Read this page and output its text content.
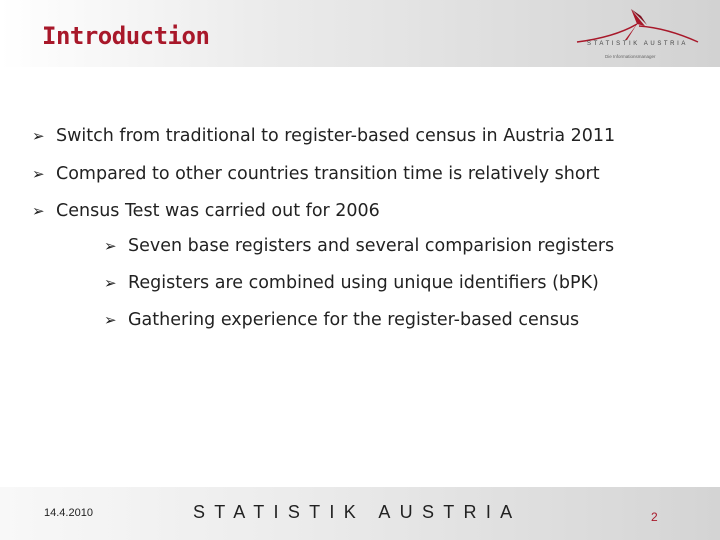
Introduction	STATISTIK AUSTRIA
Die Informationsmanager
➢ Switch from traditional to register-based census in Austria 2011
➢ Compared to other countries transition time is relatively short
➢ Census Test was carried out for 2006
➢ Seven base registers and several comparision registers
➢ Registers are combined using unique identifiers (b​PK)
➢ Gathering experience for the register-based census
14.4.2010	STATISTIK AUSTRIA	2
